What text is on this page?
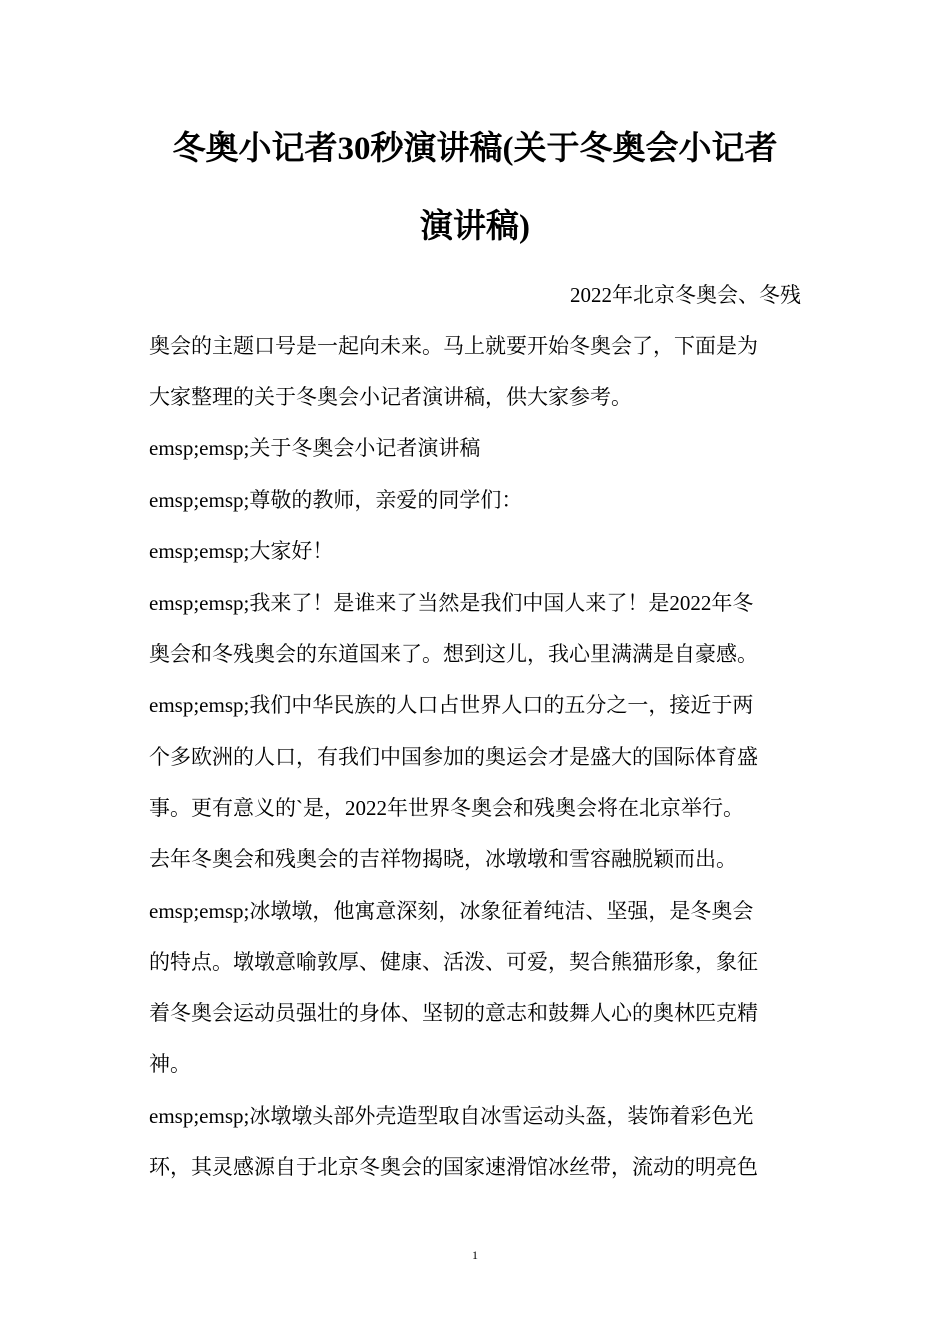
冬奥小记者30秒演讲稿(关于冬奥会小记者
演讲稿)

2022年北京冬奥会、冬残

奥会的主题口号是一起向未来。马上就要开始冬奥会了，下面是为

大家整理的关于冬奥会小记者演讲稿，供大家参考。

emsp;emsp;关于冬奥会小记者演讲稿

emsp;emsp;尊敬的教师，亲爱的同学们：

emsp;emsp;大家好！

emsp;emsp;我来了！是谁来了当然是我们中国人来了！是2022年冬

奥会和冬残奥会的东道国来了。想到这儿，我心里满满是自豪感。

emsp;emsp;我们中华民族的人口占世界人口的五分之一，接近于两

个多欧洲的人口，有我们中国参加的奥运会才是盛大的国际体育盛

事。更有意义的`是，2022年世界冬奥会和残奥会将在北京举行。

去年冬奥会和残奥会的吉祥物揭晓，冰墩墩和雪容融脱颖而出。

emsp;emsp;冰墩墩，他寓意深刻，冰象征着纯洁、坚强，是冬奥会

的特点。墩墩意喻敦厚、健康、活泼、可爱，契合熊猫形象，象征

着冬奥会运动员强壮的身体、坚韧的意志和鼓舞人心的奥林匹克精

神。

emsp;emsp;冰墩墩头部外壳造型取自冰雪运动头盔，装饰着彩色光

环，其灵感源自于北京冬奥会的国家速滑馆冰丝带，流动的明亮色

1
